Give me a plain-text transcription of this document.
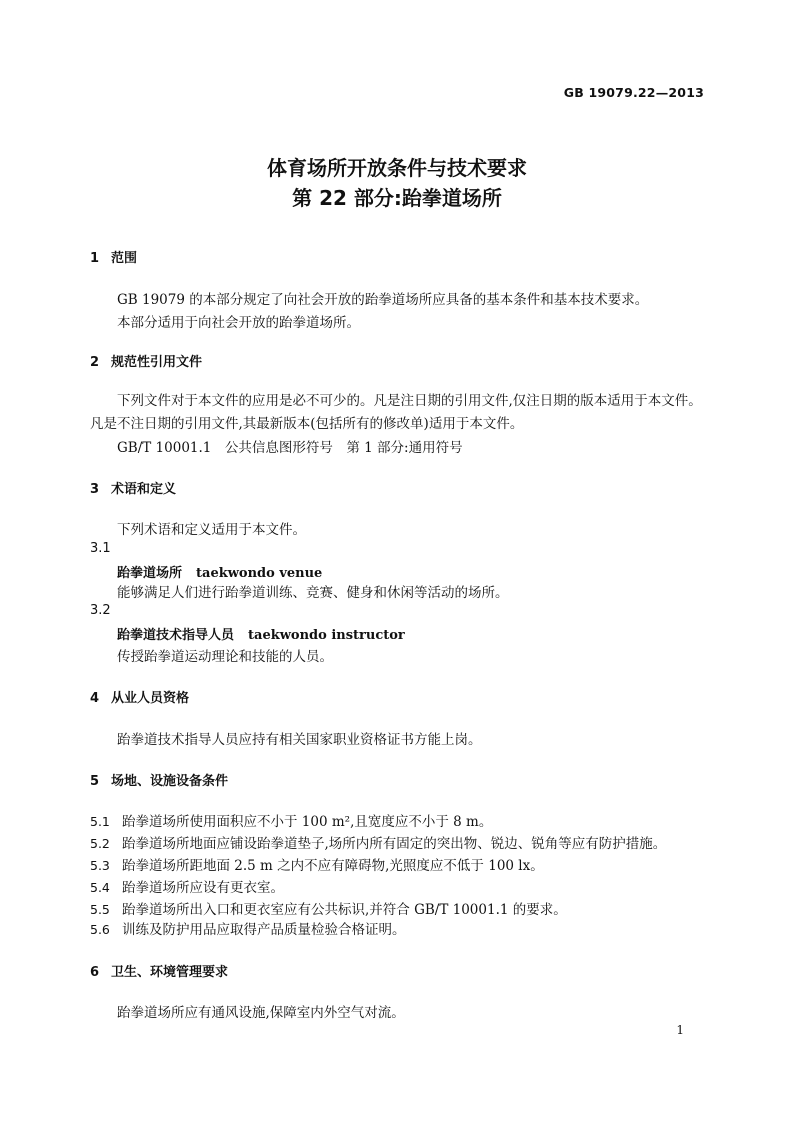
GB 19079.22—2013
体育场所开放条件与技术要求
第 22 部分:跆拳道场所
1 范围
GB 19079 的本部分规定了向社会开放的跆拳道场所应具备的基本条件和基本技术要求。
本部分适用于向社会开放的跆拳道场所。
2 规范性引用文件

下列文件对于本文件的应用是必不可少的。凡是注日期的引用文件,仅注日期的版本适用于本文件。凡是不注日期的引用文件,其最新版本(包括所有的修改单)适用于本文件。

GB/T 10001.1　公共信息图形符号　第 1 部分:通用符号
3 术语和定义
下列术语和定义适用于本文件。
3.1
跆拳道场所 taekwondo venue
能够满足人们进行跆拳道训练、竞赛、健身和休闲等活动的场所。
3.2
跆拳道技术指导人员 taekwondo instructor
传授跆拳道运动理论和技能的人员。
4 从业人员资格
跆拳道技术指导人员应持有相关国家职业资格证书方能上岗。
5 场地、设施设备条件
5.1 跆拳道场所使用面积应不小于 100 m²,且宽度应不小于 8 m。
5.2 跆拳道场所地面应铺设跆拳道垫子,场所内所有固定的突出物、锐边、锐角等应有防护措施。
5.3 跆拳道场所距地面 2.5 m 之内不应有障碍物,光照度应不低于 100 lx。
5.4 跆拳道场所应设有更衣室。
5.5 跆拳道场所出入口和更衣室应有公共标识,并符合 GB/T 10001.1 的要求。
5.6 训练及防护用品应取得产品质量检验合格证明。
6 卫生、环境管理要求
跆拳道场所应有通风设施,保障室内外空气对流。
1
